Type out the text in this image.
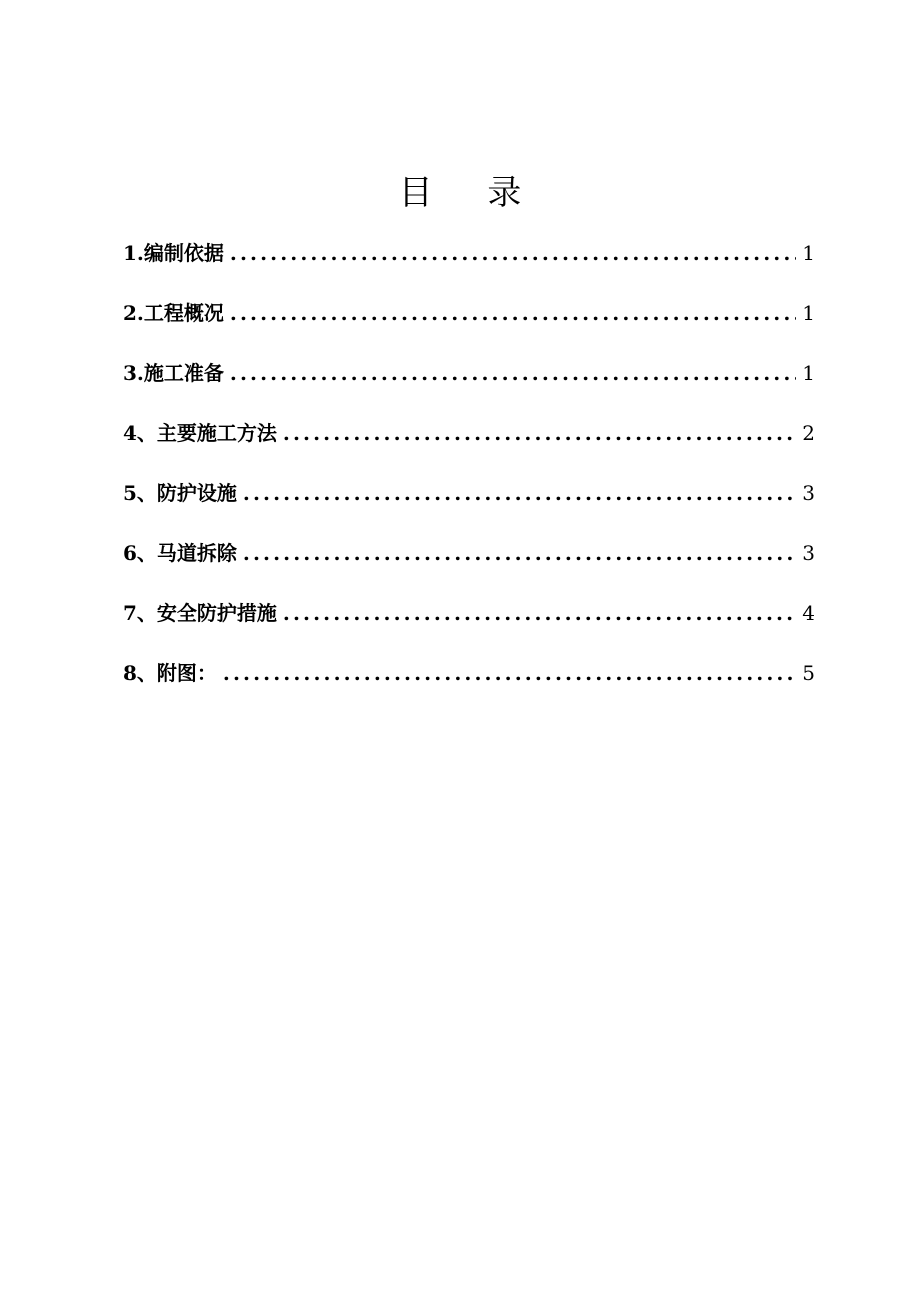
目 录
1.编制依据 .....	1
2.工程概况 .....	1
3.施工准备 .....	1
4、主要施工方法 .....	2
5、防护设施 .....	3
6、马道拆除 .....	3
7、安全防护措施 .....	4
8、附图： .....	5
